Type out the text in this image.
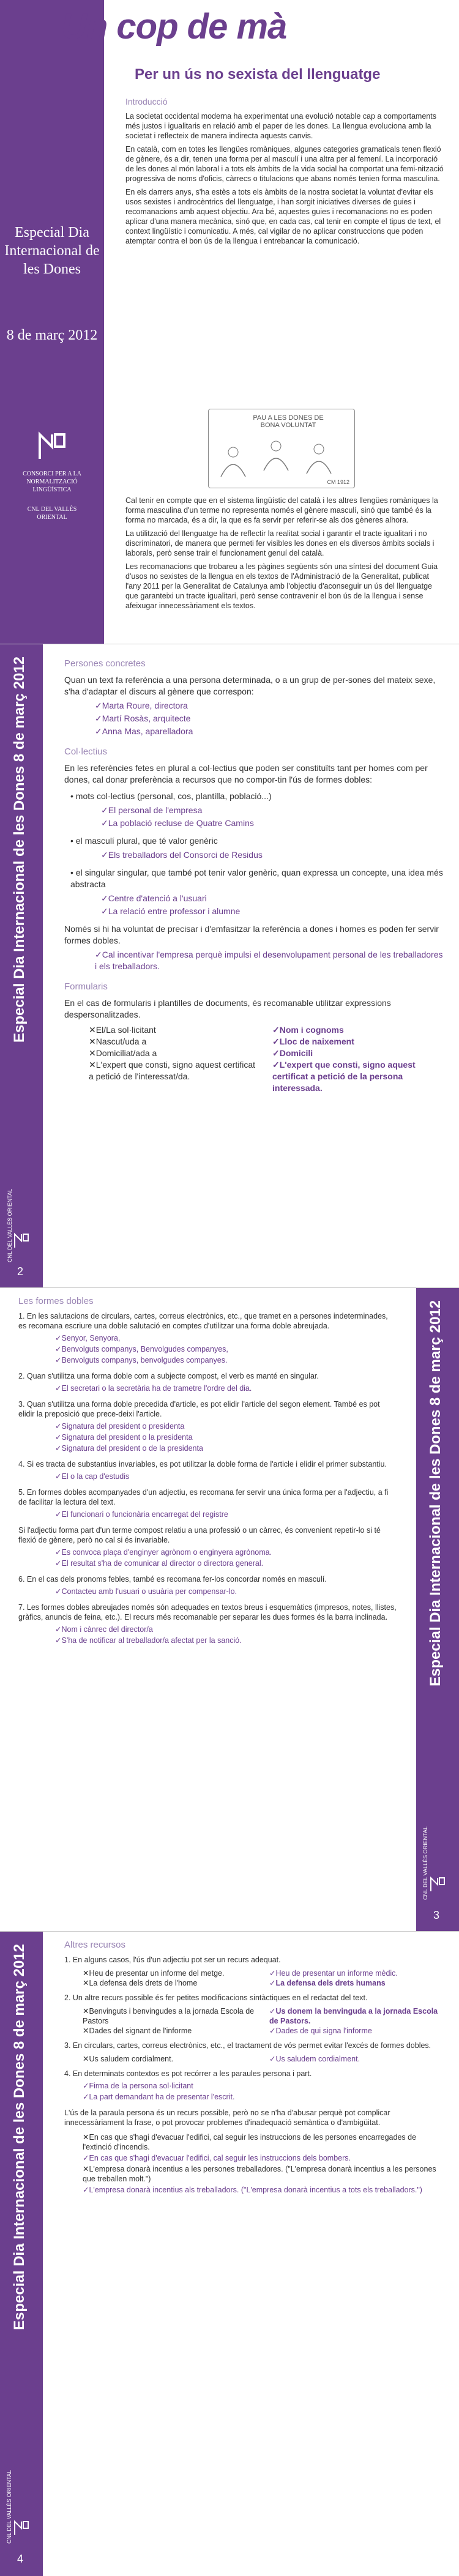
Un cop de mà
Per un ús no sexista del llenguatge
Especial Dia Internacional de les Dones
8 de març 2012
CONSORCI PER A LA NORMALITZACIÓ LINGÜÍSTICA
CNL DEL VALLÈS ORIENTAL
Introducció

La societat occidental moderna ha experimentat una evolució notable cap a comportaments més justos i igualitaris en relació amb el paper de les dones. La llengua evoluciona amb la societat i reflecteix de manera indirecta aquests canvis.

En català, com en totes les llengües romàniques, algunes categories gramaticals tenen flexió de gènere, és a dir, tenen una forma per al masculí i una altra per al femení. La incorporació de les dones al món laboral i a tots els àmbits de la vida social ha comportat una femi-nització progressiva de noms d'oficis, càrrecs o titulacions que abans només tenien forma masculina.

En els darrers anys, s'ha estès a tots els àmbits de la nostra societat la voluntat d'evitar els usos sexistes i androcèntrics del llenguatge, i han sorgit iniciatives diverses de guies i recomanacions amb aquest objectiu. Ara bé, aquestes guies i recomanacions no es poden aplicar d'una manera mecànica, sinó que, en cada cas, cal tenir en compte el tipus de text, el context lingüístic i comunicatiu. A més, cal vigilar de no aplicar construccions que poden atemptar contra el bon ús de la llengua i entrebancar la comunicació.

PAU A LES DONES DE BONA VOLUNTAT
CM 1912

Cal tenir en compte que en el sistema lingüístic del català i les altres llengües romàniques la forma masculina d'un terme no representa només el gènere masculí, sinó que també és la forma no marcada, és a dir, la que es fa servir per referir-se als dos gèneres alhora.

La utilització del llenguatge ha de reflectir la realitat social i garantir el tracte igualitari i no discriminatori, de manera que permeti fer visibles les dones en els diversos àmbits socials i laborals, però sense trair el funcionament genuí del català.

Les recomanacions que trobareu a les pàgines següents són una síntesi del document Guia d'usos no sexistes de la llengua en els textos de l'Administració de la Generalitat, publicat l'any 2011 per la Generalitat de Catalunya amb l'objectiu d'aconseguir un ús del llenguatge que garanteixi un tracte igualitari, però sense contravenir el bon ús de la llengua i sense afeixugar innecessàriament els textos.

Especial Dia Internacional de les Dones 8 de març 2012
CNL DEL VALLÈS ORIENTAL
2
Persones concretes
Quan un text fa referència a una persona determinada, o a un grup de per-sones del mateix sexe, s'ha d'adaptar el discurs al gènere que correspon:
✓Marta Roure, directora
✓Martí Rosàs, arquitecte
✓Anna Mas, aparelladora
Col·lectius
En les referències fetes en plural a col·lectius que poden ser constituïts tant per homes com per dones, cal donar preferència a recursos que no compor-tin l'ús de formes dobles:
• mots col·lectius (personal, cos, plantilla, població...)
✓El personal de l'empresa
✓La població recluse de Quatre Camins
• el masculí plural, que té valor genèric
✓Els treballadors del Consorci de Residus
• el singular singular, que també pot tenir valor genèric, quan expressa un concepte, una idea més abstracta
✓Centre d'atenció a l'usuari
✓La relació entre professor i alumne
Només si hi ha voluntat de precisar i d'emfasitzar la referència a dones i homes es poden fer servir formes dobles.
✓Cal incentivar l'empresa perquè impulsi el desenvolupament personal de les treballadores i els treballadors.
Formularis
En el cas de formularis i plantilles de documents, és recomanable utilitzar expressions despersonalitzades.
✕El/La sol·licitant
✕Nascut/uda a
✕Domiciliat/ada a
✕L'expert que consti, signo aquest certificat a petició de l'interessat/da.
✓Nom i cognoms
✓Lloc de naixement
✓Domicili
✓L'expert que consti, signo aquest certificat a petició de la persona interessada.
Especial Dia Internacional de les Dones 8 de març 2012
CNL DEL VALLÈS ORIENTAL
3
Les formes dobles
1. En les salutacions de circulars, cartes, correus electrònics, etc., que tramet en a persones indeterminades, es recomana escriure una doble salutació en comptes d'utilitzar una forma doble abreujada.
✓Senyor, Senyora,
✓Benvolguts companys, Benvolgudes companyes,
✓Benvolguts companys, benvolgudes companyes.
2. Quan s'utilitza una forma doble com a subjecte compost, el verb es manté en singular.
✓El secretari o la secretària ha de trametre l'ordre del dia.
3. Quan s'utilitza una forma doble precedida d'article, es pot elidir l'article del segon element. També es pot elidir la preposició que prece-deixi l'article.
✓Signatura del president o presidenta
✓Signatura del president o la presidenta
✓Signatura del president o de la presidenta
4. Si es tracta de substantius invariables, es pot utilitzar la doble forma de l'article i elidir el primer substantiu.
✓El o la cap d'estudis
5. En formes dobles acompanyades d'un adjectiu, es recomana fer servir una única forma per a l'adjectiu, a fi de facilitar la lectura del text.
✓El funcionari o funcionària encarregat del registre
Si l'adjectiu forma part d'un terme compost relatiu a una professió o un càrrec, és convenient repetir-lo si té flexió de gènere, però no cal si és invariable.
✓Es convoca plaça d'enginyer agrònom o enginyera agrònoma.
✓El resultat s'ha de comunicar al director o directora general.
6. En el cas dels pronoms febles, també es recomana fer-los concordar només en masculí.
✓Contacteu amb l'usuari o usuària per compensar-lo.
7. Les formes dobles abreujades només són adequades en textos breus i esquemàtics (impresos, notes, llistes, gràfics, anuncis de feina, etc.). El recurs més recomanable per separar les dues formes és la barra inclinada.
✓Nom i cànrec del director/a
✓S'ha de notificar al treballador/a afectat per la sanció.
Especial Dia Internacional de les Dones 8 de març 2012
CNL DEL VALLÈS ORIENTAL
4
Altres recursos
1. En alguns casos, l'ús d'un adjectiu pot ser un recurs adequat.
✕Heu de presentar un informe del metge.
✕La defensa dels drets de l'home
✓Heu de presentar un informe mèdic.
✓La defensa dels drets humans
2. Un altre recurs possible és fer petites modificacions sintàctiques en el redactat del text.
✕Benvinguts i benvingudes a la jornada Escola de Pastors
✕Dades del signant de l'informe
✓Us donem la benvinguda a la jornada Escola de Pastors.
✓Dades de qui signa l'informe
3. En circulars, cartes, correus electrònics, etc., el tractament de vós permet evitar l'excés de formes dobles.
✕Us saludem cordialment.	✓Us saludem cordialment.
4. En determinats contextos es pot recórrer a les paraules persona i part.
✓Firma de la persona sol·licitant
✓La part demandant ha de presentar l'escrit.
L'ús de la paraula persona és un recurs possible, però no se n'ha d'abusar perquè pot complicar innecessàriament la frase, o pot provocar problemes d'inadequació semàntica o d'ambigüitat.
✕En cas que s'hagi d'evacuar l'edifici, cal seguir les instruccions de les persones encarregades de l'extinció d'incendis.
✓En cas que s'hagi d'evacuar l'edifici, cal seguir les instruccions dels bombers.
✕L'empresa donarà incentius a les persones treballadores. ("L'empresa donarà incentius a les persones que treballen molt.")
✓L'empresa donarà incentius als treballadors. ("L'empresa donarà incentius a tots els treballadors.")
